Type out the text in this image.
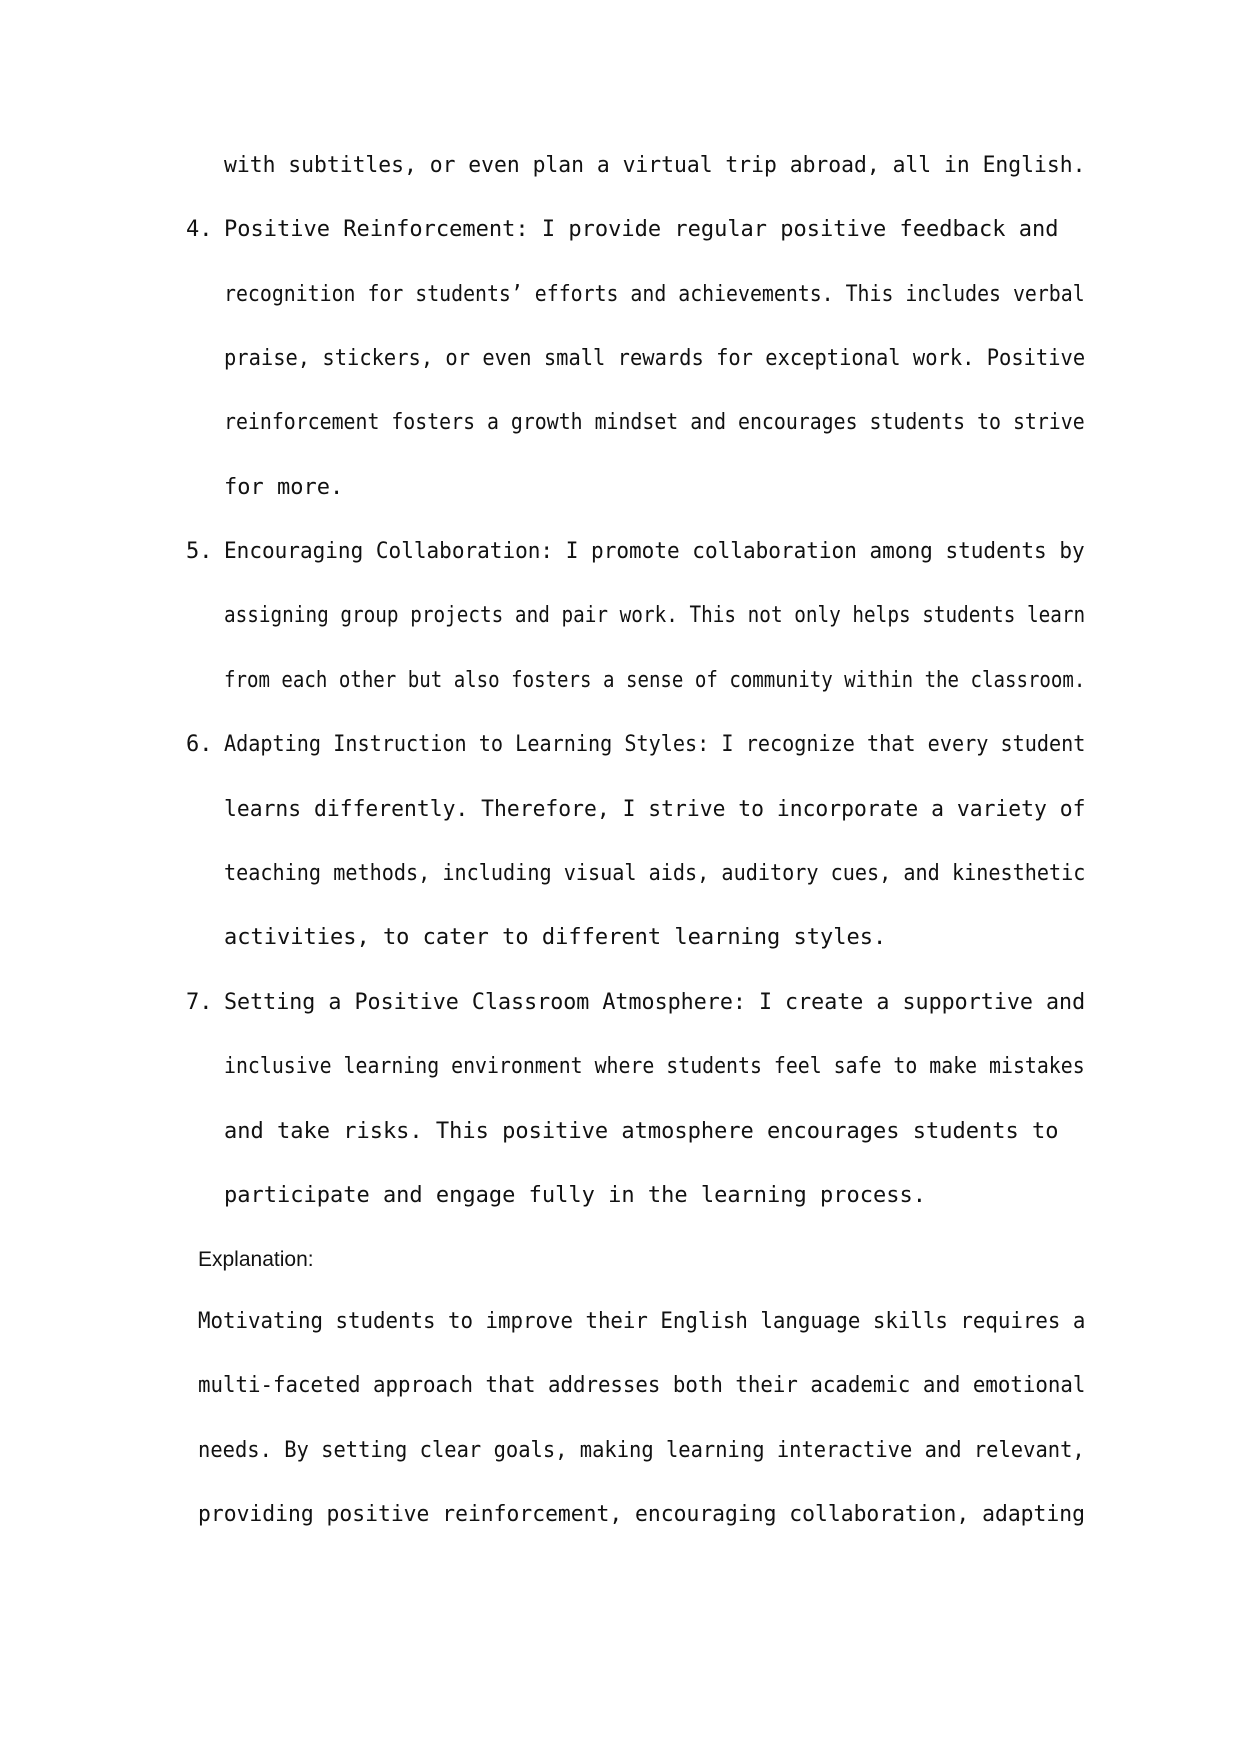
with subtitles, or even plan a virtual trip abroad, all in English.
4. Positive Reinforcement: I provide regular positive feedback and
recognition for students’ efforts and achievements. This includes verbal
praise, stickers, or even small rewards for exceptional work. Positive
reinforcement fosters a growth mindset and encourages students to strive
for more.
5. Encouraging Collaboration: I promote collaboration among students by
assigning group projects and pair work. This not only helps students learn
from each other but also fosters a sense of community within the classroom.
6. Adapting Instruction to Learning Styles: I recognize that every student
learns differently. Therefore, I strive to incorporate a variety of
teaching methods, including visual aids, auditory cues, and kinesthetic
activities, to cater to different learning styles.
7. Setting a Positive Classroom Atmosphere: I create a supportive and
inclusive learning environment where students feel safe to make mistakes
and take risks. This positive atmosphere encourages students to
participate and engage fully in the learning process.
Explanation:
Motivating students to improve their English language skills requires a
multi-faceted approach that addresses both their academic and emotional
needs. By setting clear goals, making learning interactive and relevant,
providing positive reinforcement, encouraging collaboration, adapting
